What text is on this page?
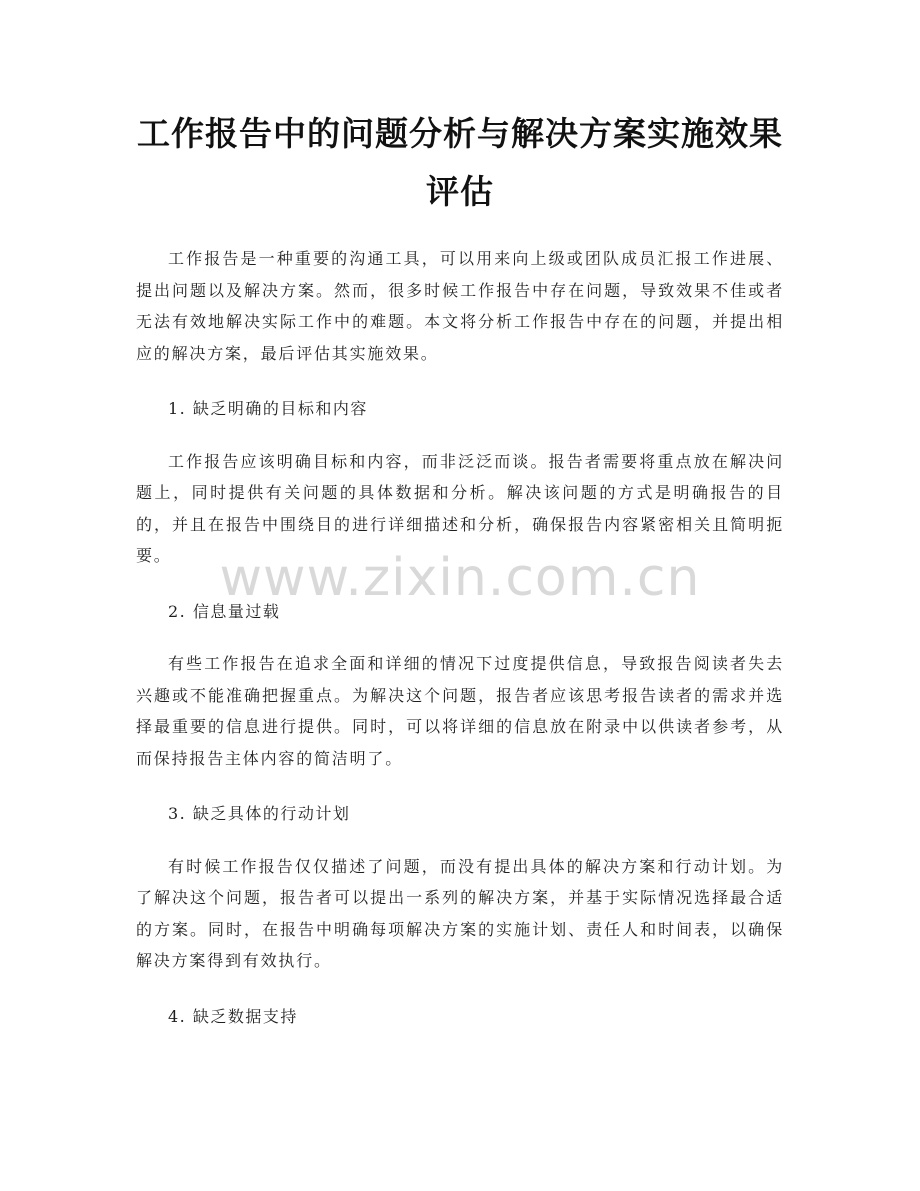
工作报告中的问题分析与解决方案实施效果评估

工作报告是一种重要的沟通工具，可以用来向上级或团队成员汇报工作进展、提出问题以及解决方案。然而，很多时候工作报告中存在问题，导致效果不佳或者无法有效地解决实际工作中的难题。本文将分析工作报告中存在的问题，并提出相应的解决方案，最后评估其实施效果。

1. 缺乏明确的目标和内容

工作报告应该明确目标和内容，而非泛泛而谈。报告者需要将重点放在解决问题上，同时提供有关问题的具体数据和分析。解决该问题的方式是明确报告的目的，并且在报告中围绕目的进行详细描述和分析，确保报告内容紧密相关且简明扼要。

2. 信息量过载

有些工作报告在追求全面和详细的情况下过度提供信息，导致报告阅读者失去兴趣或不能准确把握重点。为解决这个问题，报告者应该思考报告读者的需求并选择最重要的信息进行提供。同时，可以将详细的信息放在附录中以供读者参考，从而保持报告主体内容的简洁明了。

3. 缺乏具体的行动计划

有时候工作报告仅仅描述了问题，而没有提出具体的解决方案和行动计划。为了解决这个问题，报告者可以提出一系列的解决方案，并基于实际情况选择最合适的方案。同时，在报告中明确每项解决方案的实施计划、责任人和时间表，以确保解决方案得到有效执行。

4. 缺乏数据支持

www.zixin.com.cn
